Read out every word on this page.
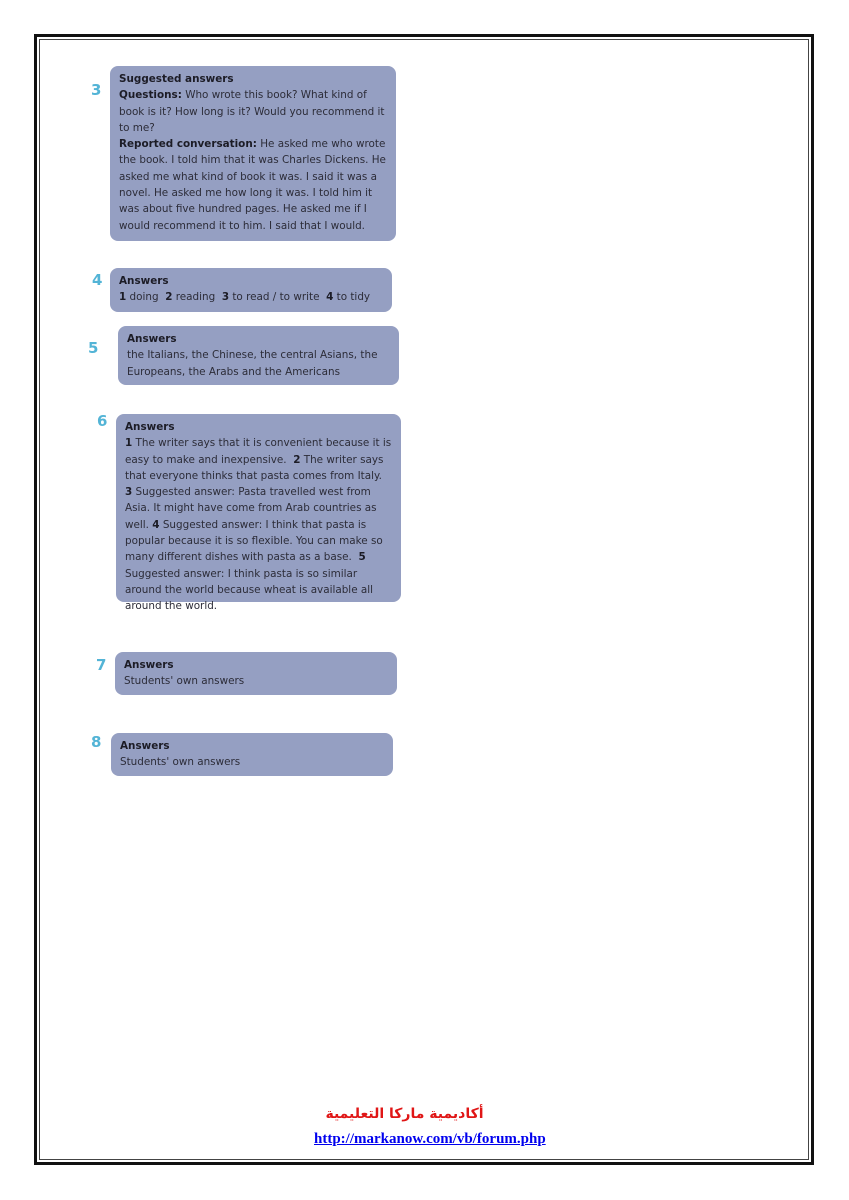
3
Suggested answers
Questions: Who wrote this book? What kind of book is it? How long is it? Would you recommend it to me?
Reported conversation: He asked me who wrote the book. I told him that it was Charles Dickens. He asked me what kind of book it was. I said it was a novel. He asked me how long it was. I told him it was about five hundred pages. He asked me if I would recommend it to him. I said that I would.
4 Answers
1 doing 2 reading 3 to read / to write 4 to tidy
5	Answers
the Italians, the Chinese, the central Asians, the Europeans, the Arabs and the Americans
6 Answers
1 The writer says that it is convenient because it is easy to make and inexpensive. 2 The writer says that everyone thinks that pasta comes from Italy. 3 Suggested answer: Pasta travelled west from Asia. It might have come from Arab countries as well. 4 Suggested answer: I think that pasta is popular because it is so flexible. You can make so many different dishes with pasta as a base. 5 Suggested answer: I think pasta is so similar around the world because wheat is available all around the world.
7 Answers
Students' own answers
8 Answers
Students' own answers
أكاديمية ماركا التعليمية
http://markanow.com/vb/forum.php
